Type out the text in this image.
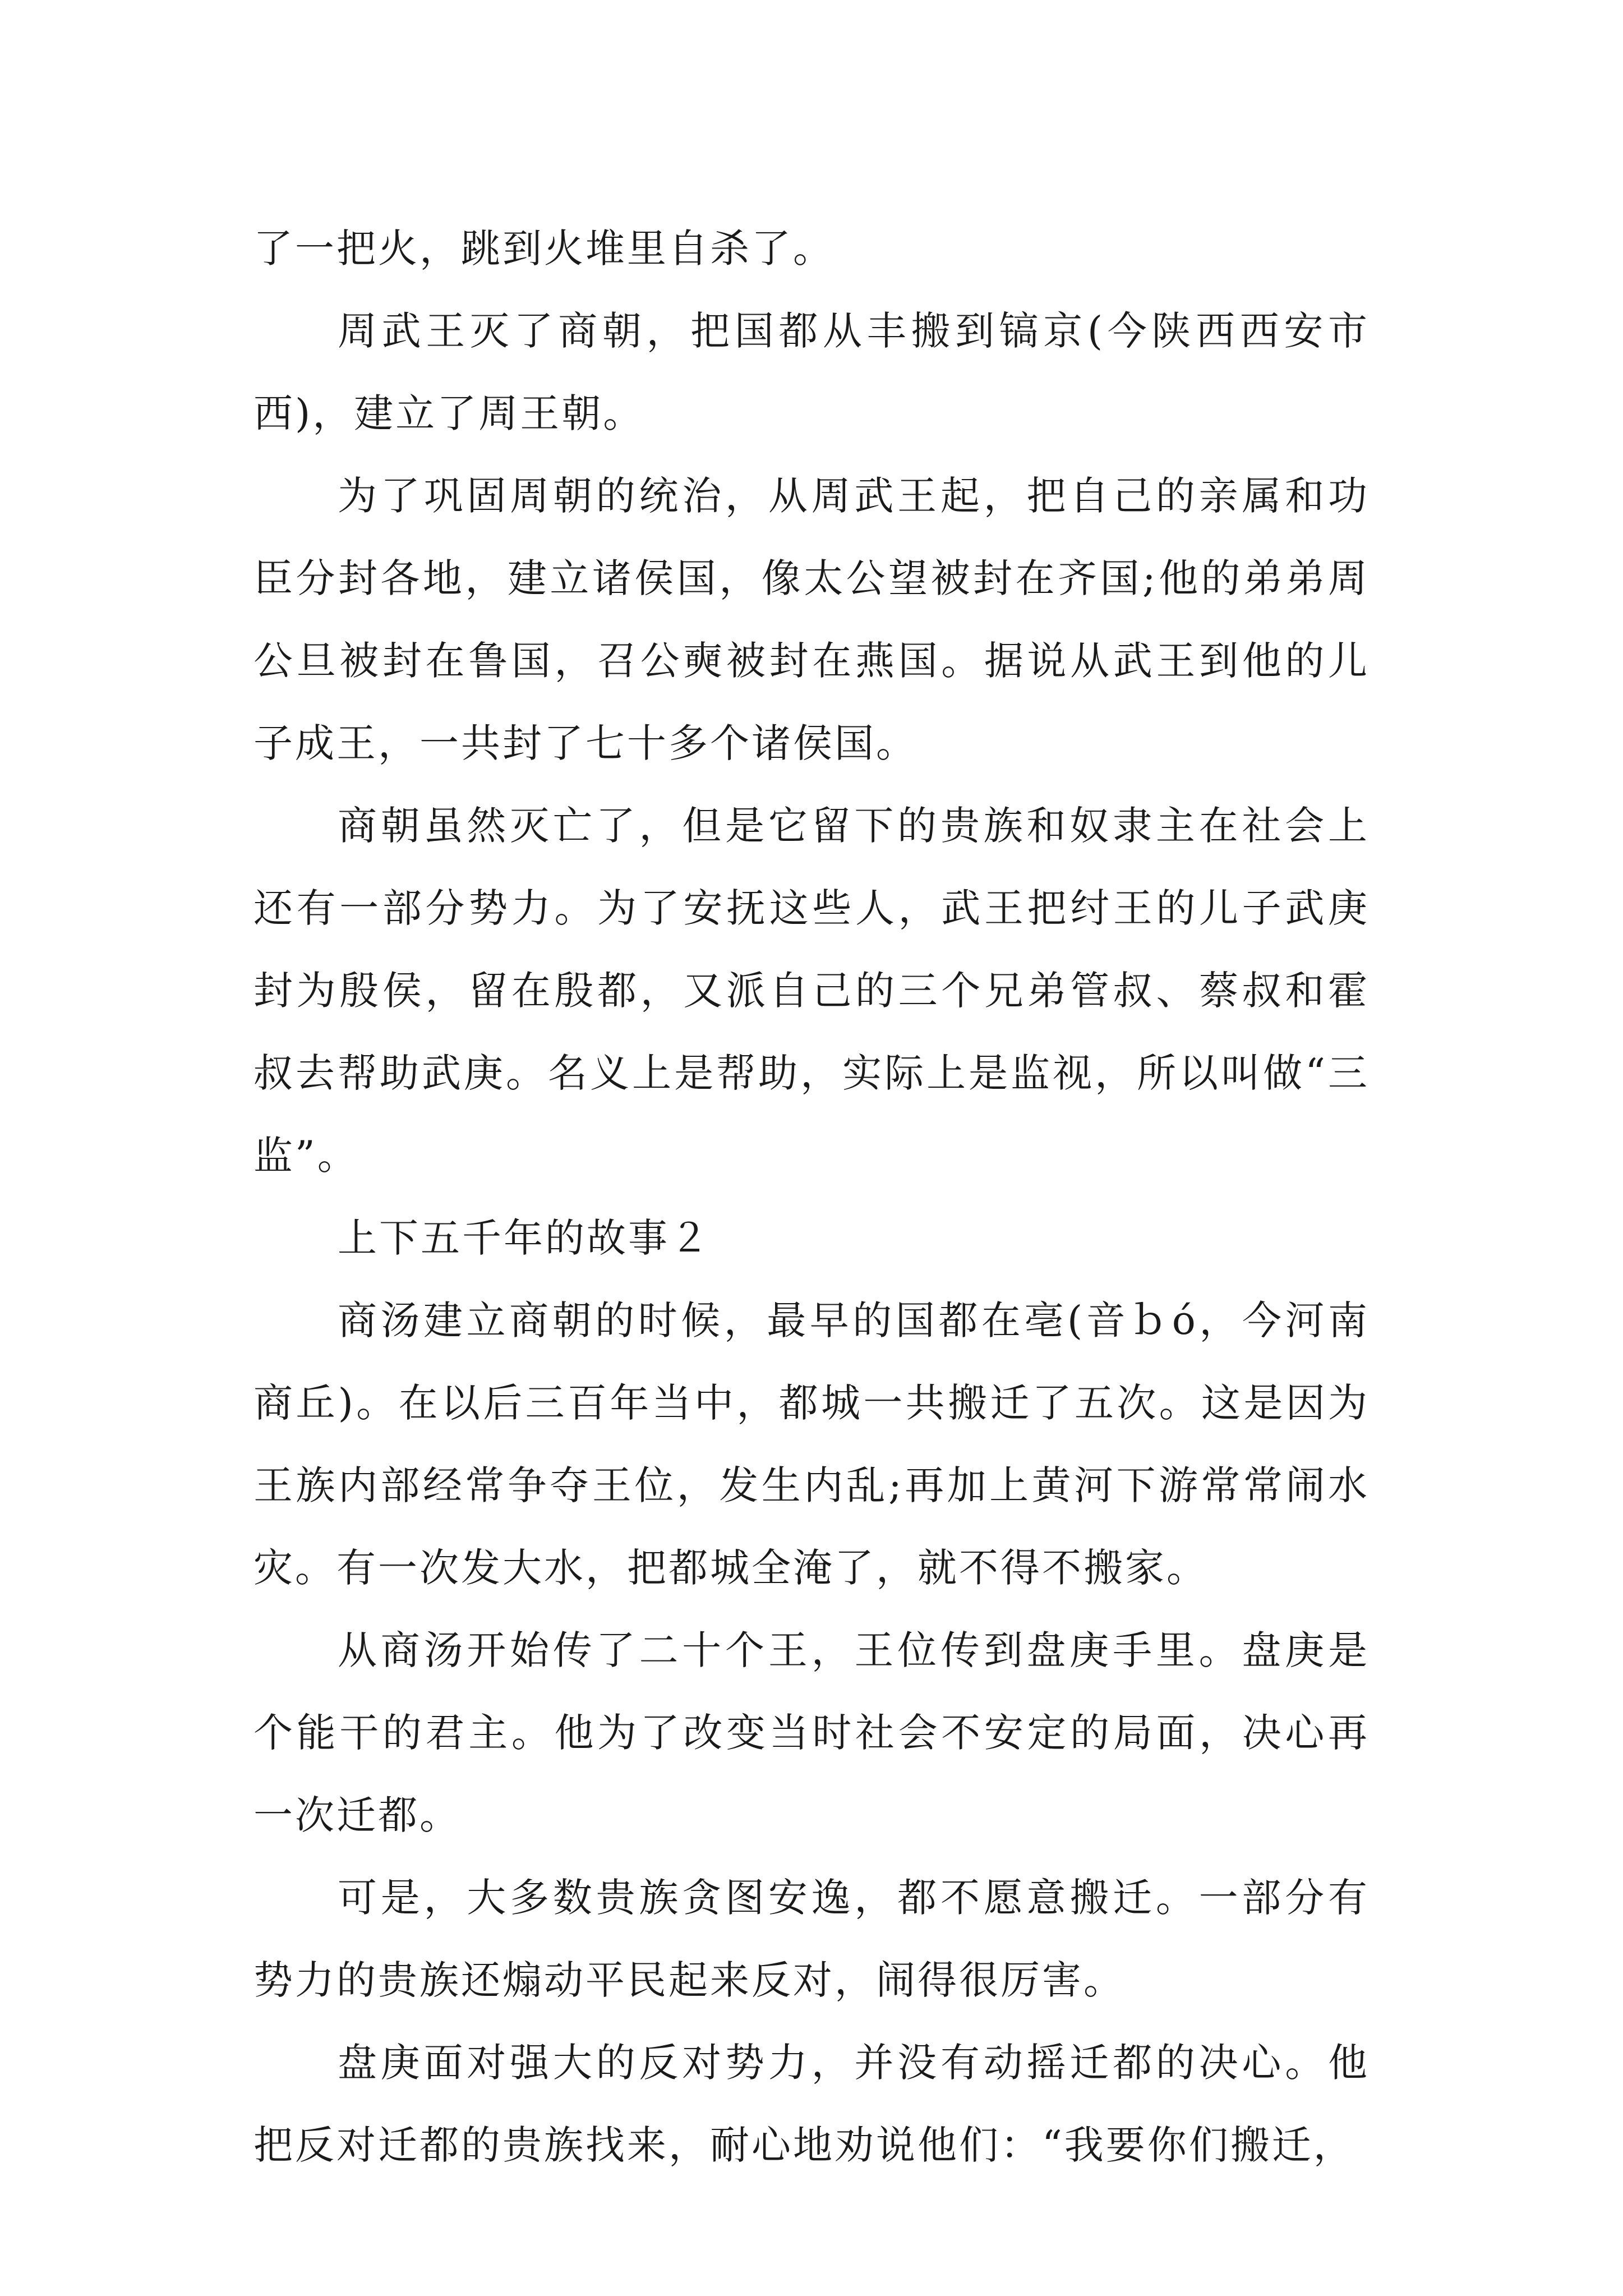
了一把火，跳到火堆里自杀了。

周武王灭了商朝，把国都从丰搬到镐京(今陕西西安市西)，建立了周王朝。

为了巩固周朝的统治，从周武王起，把自己的亲属和功臣分封各地，建立诸侯国，像太公望被封在齐国;他的弟弟周公旦被封在鲁国，召公奭被封在燕国。据说从武王到他的儿子成王，一共封了七十多个诸侯国。

商朝虽然灭亡了，但是它留下的贵族和奴隶主在社会上还有一部分势力。为了安抚这些人，武王把纣王的儿子武庚封为殷侯，留在殷都，又派自己的三个兄弟管叔、蔡叔和霍叔去帮助武庚。名义上是帮助，实际上是监视，所以叫做“三监”。

上下五千年的故事２

商汤建立商朝的时候，最早的国都在亳(音ｂó，今河南商丘)。在以后三百年当中，都城一共搬迁了五次。这是因为王族内部经常争夺王位，发生内乱;再加上黄河下游常常闹水灾。有一次发大水，把都城全淹了，就不得不搬家。

从商汤开始传了二十个王，王位传到盘庚手里。盘庚是个能干的君主。他为了改变当时社会不安定的局面，决心再一次迁都。

可是，大多数贵族贪图安逸，都不愿意搬迁。一部分有势力的贵族还煽动平民起来反对，闹得很厉害。

盘庚面对强大的反对势力，并没有动摇迁都的决心。他把反对迁都的贵族找来，耐心地劝说他们：“我要你们搬迁，
